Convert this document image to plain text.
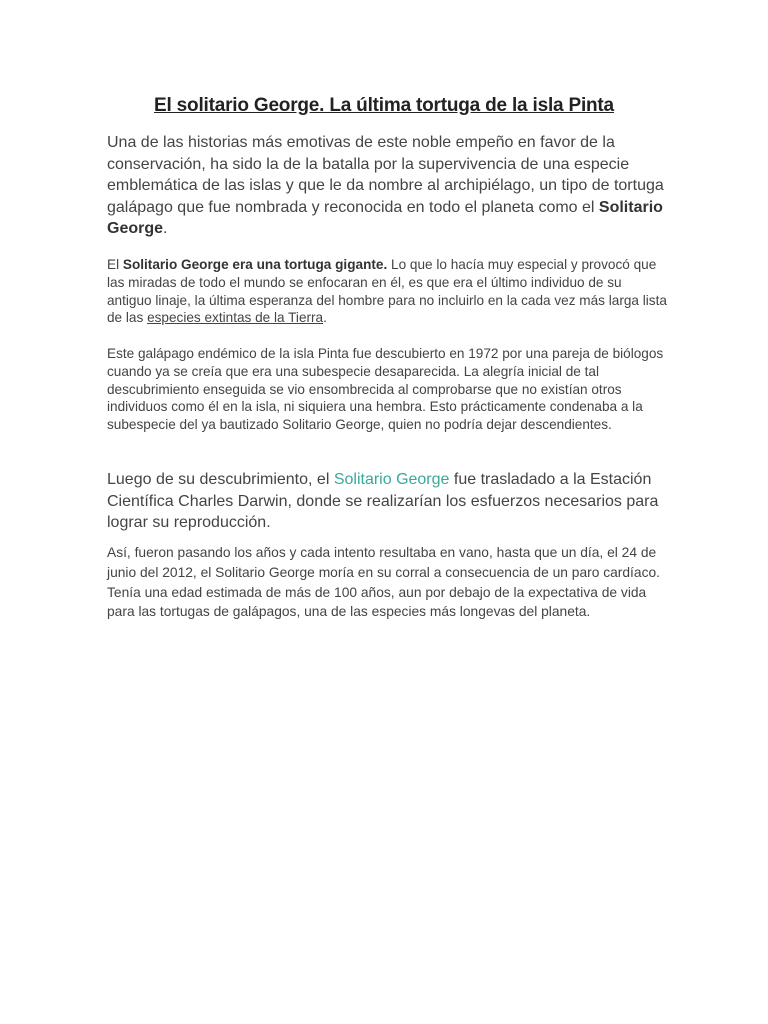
El solitario George. La última tortuga de la isla Pinta

Una de las historias más emotivas de este noble empeño en favor de la conservación, ha sido la de la batalla por la supervivencia de una especie emblemática de las islas y que le da nombre al archipiélago, un tipo de tortuga galápago que fue nombrada y reconocida en todo el planeta como el Solitario George.

El Solitario George era una tortuga gigante. Lo que lo hacía muy especial y provocó que las miradas de todo el mundo se enfocaran en él, es que era el último individuo de su antiguo linaje, la última esperanza del hombre para no incluirlo en la cada vez más larga lista de las especies extintas de la Tierra.

Este galápago endémico de la isla Pinta fue descubierto en 1972 por una pareja de biólogos cuando ya se creía que era una subespecie desaparecida. La alegría inicial de tal descubrimiento enseguida se vio ensombrecida al comprobarse que no existían otros individuos como él en la isla, ni siquiera una hembra. Esto prácticamente condenaba a la subespecie del ya bautizado Solitario George, quien no podría dejar descendientes.

Luego de su descubrimiento, el Solitario George fue trasladado a la Estación Científica Charles Darwin, donde se realizarían los esfuerzos necesarios para lograr su reproducción.

Así, fueron pasando los años y cada intento resultaba en vano, hasta que un día, el 24 de junio del 2012, el Solitario George moría en su corral a consecuencia de un paro cardíaco. Tenía una edad estimada de más de 100 años, aun por debajo de la expectativa de vida para las tortugas de galápagos, una de las especies más longevas del planeta.
